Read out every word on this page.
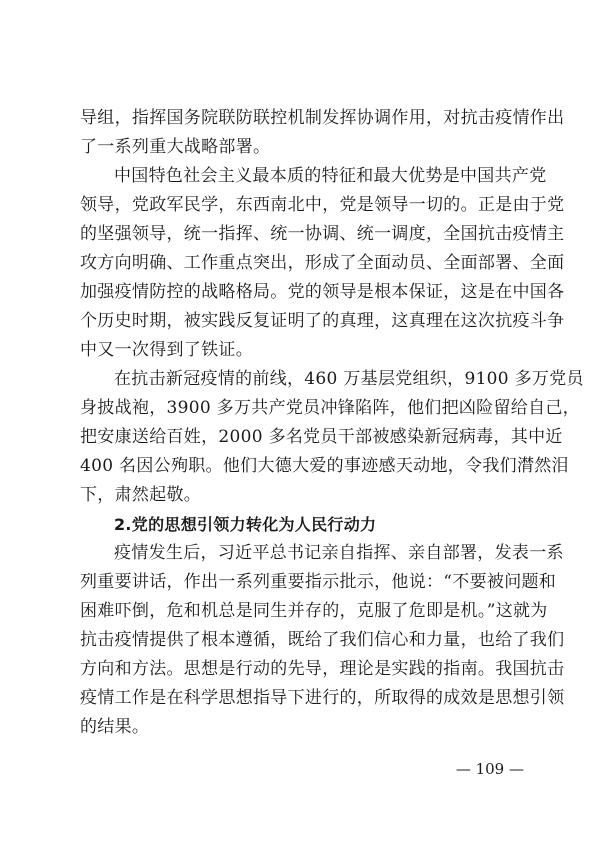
导组，指挥国务院联防联控机制发挥协调作用，对抗击疫情作出
了一系列重大战略部署。
中国特色社会主义最本质的特征和最大优势是中国共产党
领导，党政军民学，东西南北中，党是领导一切的。正是由于党
的坚强领导，统一指挥、统一协调、统一调度，全国抗击疫情主
攻方向明确、工作重点突出，形成了全面动员、全面部署、全面
加强疫情防控的战略格局。党的领导是根本保证，这是在中国各
个历史时期，被实践反复证明了的真理，这真理在这次抗疫斗争
中又一次得到了铁证。
在抗击新冠疫情的前线，460 万基层党组织，9100 多万党员
身披战袍，3900 多万共产党员冲锋陷阵，他们把凶险留给自己，
把安康送给百姓，2000 多名党员干部被感染新冠病毒，其中近
400 名因公殉职。他们大德大爱的事迹感天动地，令我们潸然泪
下，肃然起敬。
2.党的思想引领力转化为人民行动力
疫情发生后，习近平总书记亲自指挥、亲自部署，发表一系
列重要讲话，作出一系列重要指示批示，他说：“不要被问题和
困难吓倒，危和机总是同生并存的，克服了危即是机。”这就为
抗击疫情提供了根本遵循，既给了我们信心和力量，也给了我们
方向和方法。思想是行动的先导，理论是实践的指南。我国抗击
疫情工作是在科学思想指导下进行的，所取得的成效是思想引领
的结果。
— 109 —
